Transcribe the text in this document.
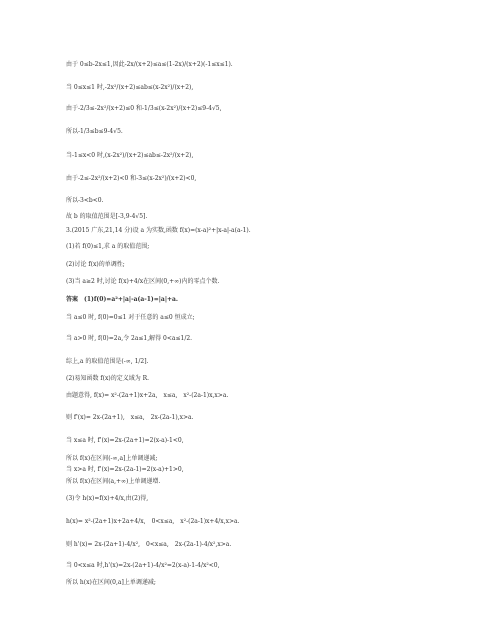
由于 0≤b-2x≤1,因此-2x/(x+2)≤a≤(1-2x)/(x+2)(-1≤x≤1).
当 0≤x≤1 时,-2x²/(x+2)≤ab≤(x-2x²)/(x+2),
由于-2/3≤-2x²/(x+2)≤0 和-1/3≤(x-2x²)/(x+2)≤9-4√5,
所以-1/3≤b≤9-4√5.
当-1≤x<0 时,(x-2x²)/(x+2)≤ab≤-2x²/(x+2),
由于-2≤-2x²/(x+2)<0 和-3≤(x-2x²)/(x+2)<0,
所以-3<b<0.
故 b 的取值范围是[-3,9-4√5].
3.(2015 广东,21,14 分)设 a 为实数,函数 f(x)=(x-a)²+|x-a|-a(a-1).
(1)若 f(0)≤1,求 a 的取值范围;
(2)讨论 f(x)的单调性;
(3)当 a≥2 时,讨论 f(x)+4/x在区间(0,+∞)内的零点个数.
答案　(1)f(0)=a²+|a|-a(a-1)=|a|+a.
当 a≤0 时, f(0)=0≤1 对于任意的 a≤0 恒成立;
当 a>0 时, f(0)=2a,令 2a≤1,解得 0<a≤1/2.
综上,a 的取值范围是(-∞, 1/2].
(2)易知函数 f(x)的定义域为 R.
由题意得, f(x)= x²-(2a+1)x+2a,　x≤a,　x²-(2a-1)x,x>a.
则 f'(x)= 2x-(2a+1),　x≤a,　2x-(2a-1),x>a.
当 x≤a 时, f'(x)=2x-(2a+1)=2(x-a)-1<0,
所以 f(x)在区间(-∞,a]上单调递减;
当 x>a 时, f'(x)=2x-(2a-1)=2(x-a)+1>0,
所以 f(x)在区间(a,+∞)上单调递增.
(3)令 h(x)=f(x)+4/x,由(2)得,
h(x)= x²-(2a+1)x+2a+4/x,　0<x≤a,　x²-(2a-1)x+4/x,x>a.
则 h'(x)= 2x-(2a+1)-4/x²,　0<x≤a,　2x-(2a-1)-4/x²,x>a.
当 0<x≤a 时,h'(x)=2x-(2a+1)-4/x²=2(x-a)-1-4/x²<0,
所以 h(x)在区间(0,a]上单调递减;
